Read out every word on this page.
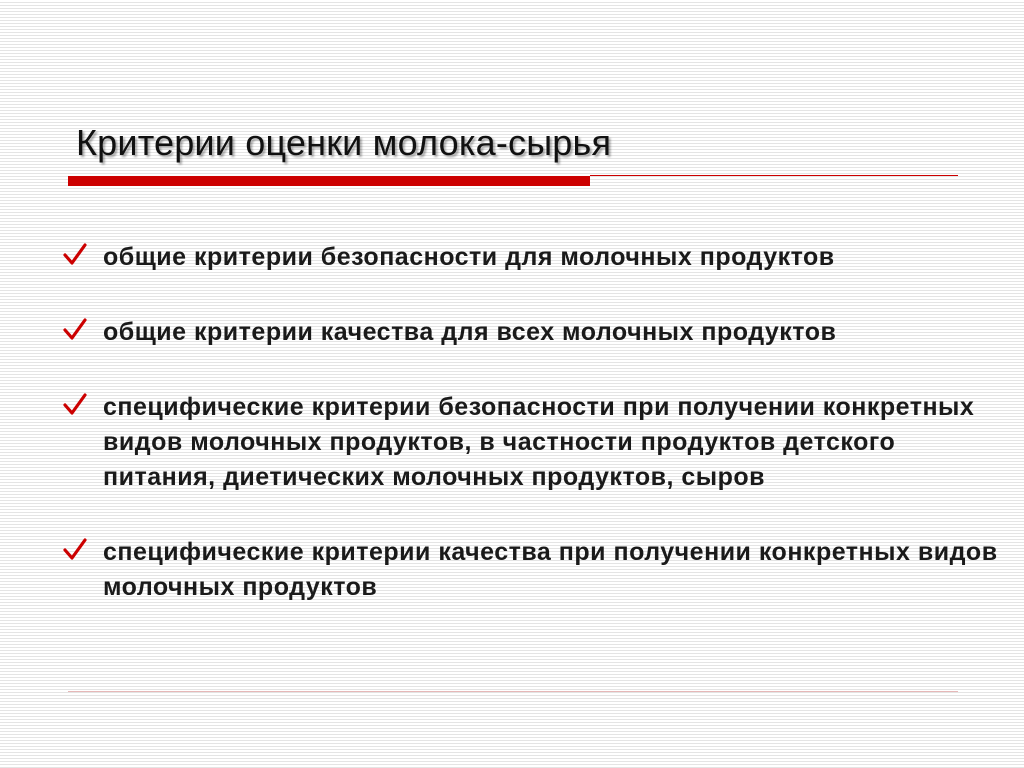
Критерии оценки молока-сырья
общие критерии безопасности для молочных продуктов
общие критерии качества для всех молочных продуктов
специфические критерии безопасности при получении конкретных видов молочных продуктов, в частности продуктов детского питания, диетических молочных продуктов, сыров
специфические критерии качества при получении конкретных видов молочных продуктов
